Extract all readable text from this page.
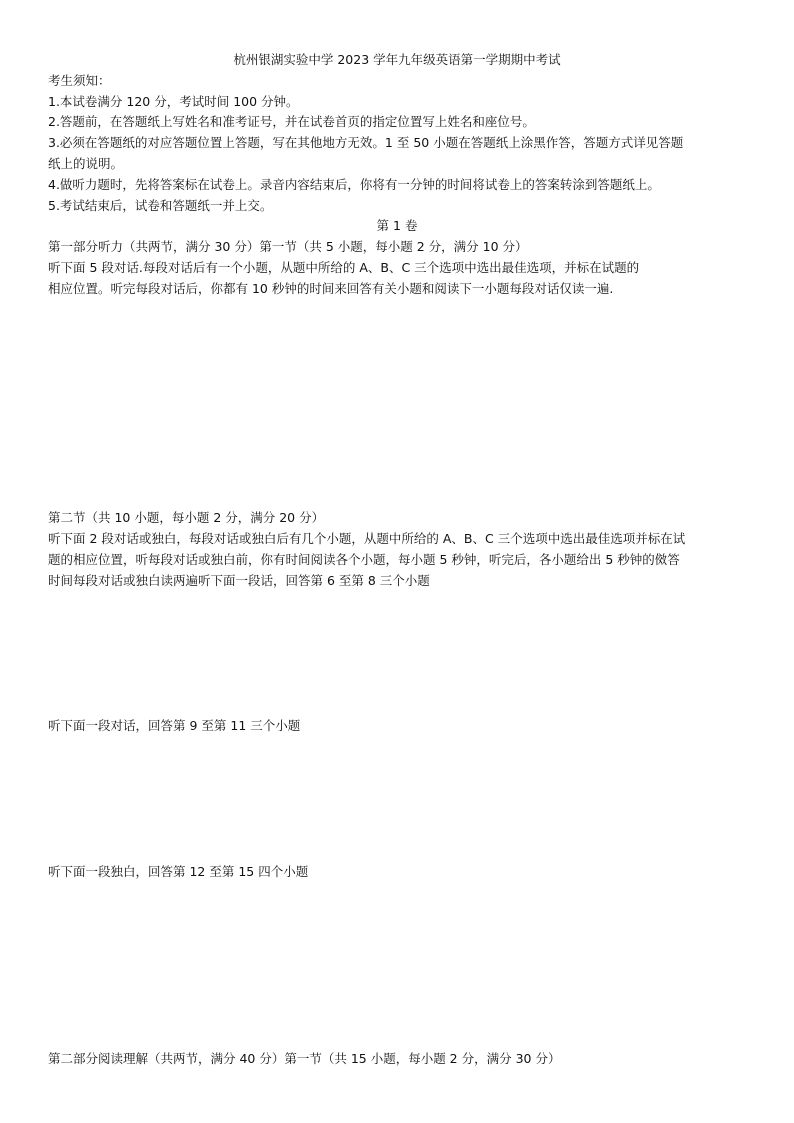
杭州银湖实验中学 2023 学年九年级英语第一学期期中考试
考生须知：
1.本试卷满分 120 分，考试时间 100 分钟。
2.答题前，在答题纸上写姓名和准考证号，并在试卷首页的指定位置写上姓名和座位号。
3.必须在答题纸的对应答题位置上答题，写在其他地方无效。1 至 50 小题在答题纸上涂黑作答，答题方式详见答题
纸上的说明。
4.做听力题时，先将答案标在试卷上。录音内容结束后，你将有一分钟的时间将试卷上的答案转涂到答题纸上。
5.考试结束后，试卷和答题纸一并上交。
第 1 卷
第一部分听力（共两节，满分 30 分）第一节（共 5 小题，每小题 2 分，满分 10 分）
听下面 5 段对话.每段对话后有一个小题，从题中所给的 A、B、C 三个选项中选出最佳选项，并标在试题的
相应位置。听完每段对话后，你都有 10 秒钟的时间来回答有关小题和阅读下一小题每段对话仅读一遍.
第二节（共 10 小题，每小题 2 分，满分 20 分）
听下面 2 段对话或独白，每段对话或独白后有几个小题，从题中所给的 A、B、C 三个选项中选出最佳选项并标在试
题的相应位置，听每段对话或独白前，你有时间阅读各个小题，每小题 5 秒钟，听完后，各小题给出 5 秒钟的傚答
时间每段对话或独白读两遍听下面一段话，回答第 6 至第 8 三个小题
听下面一段对话，回答第 9 至第 11 三个小题
听下面一段独白，回答第 12 至第 15 四个小题
第二部分阅读理解（共两节，满分 40 分）第一节（共 15 小题，每小题 2 分，满分 30 分）
